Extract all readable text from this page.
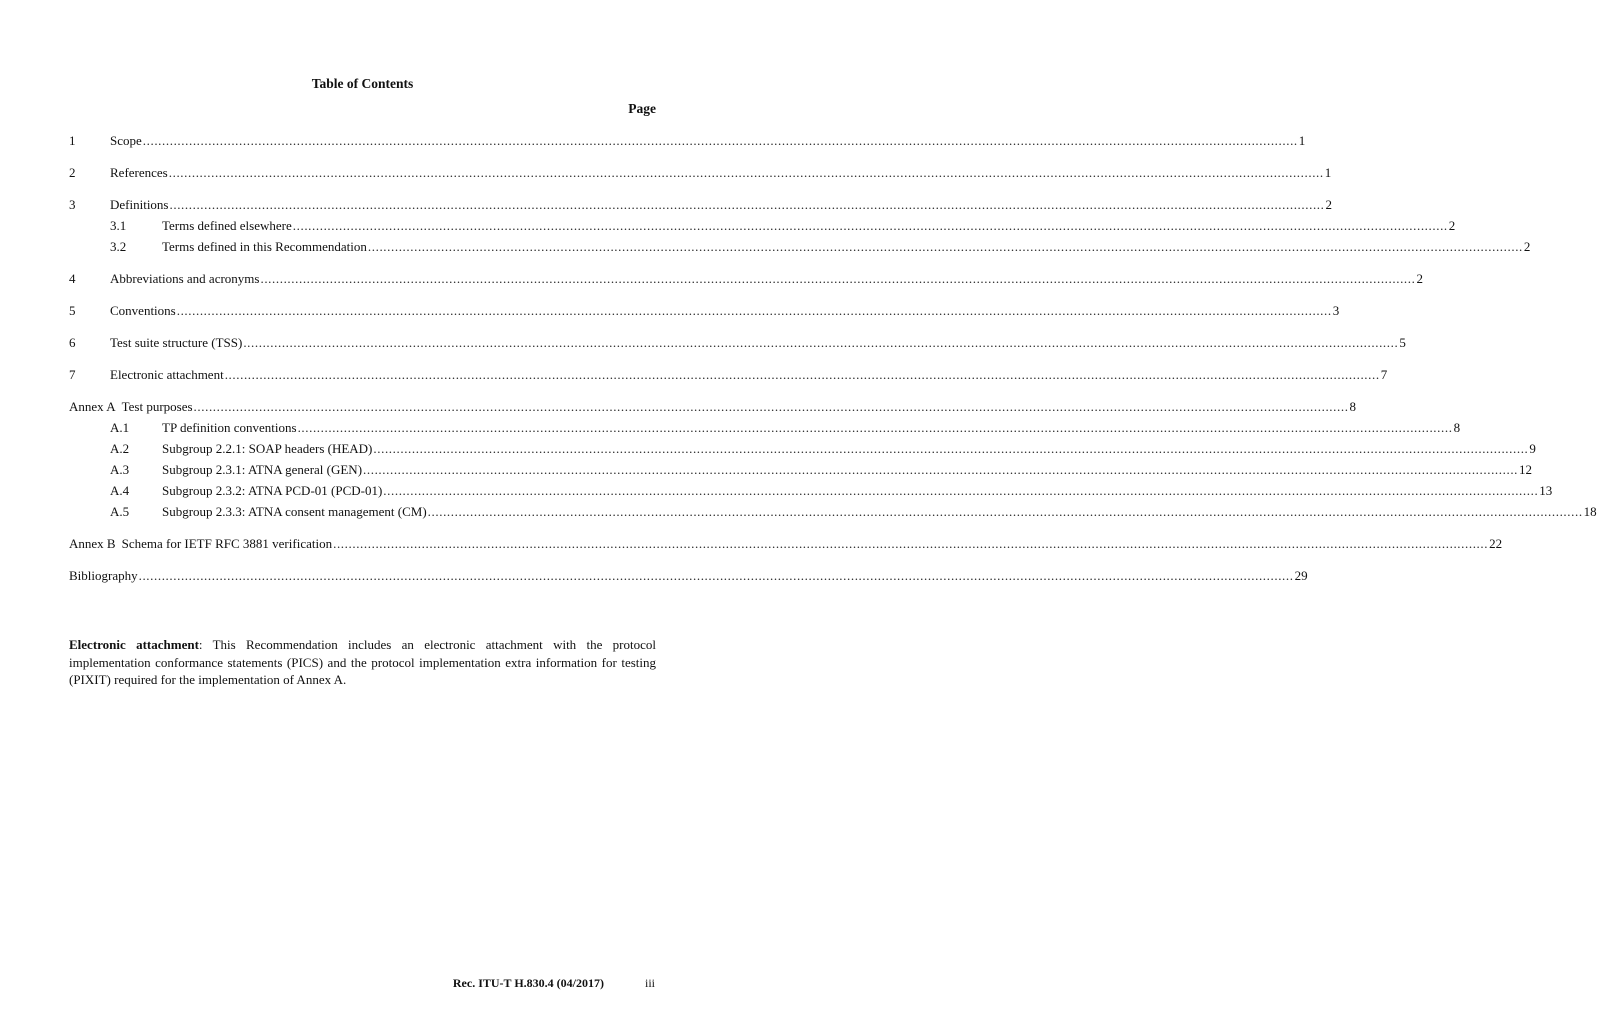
Table of Contents
Page
1	Scope ............................................................................................................................................................................................................................................................................................................ 1
2	References ............................................................................................................................................................................................................................................................................................................ 1
3	Definitions ............................................................................................................................................................................................................................................................................................................ 2
3.1	Terms defined elsewhere ............................................................................................................................................................................................................................................................................................................ 2
3.2	Terms defined in this Recommendation ............................................................................................................................................................................................................................................................................................................ 2
4	Abbreviations and acronyms ............................................................................................................................................................................................................................................................................................................ 2
5	Conventions ............................................................................................................................................................................................................................................................................................................ 3
6	Test suite structure (TSS) ............................................................................................................................................................................................................................................................................................................ 5
7	Electronic attachment ............................................................................................................................................................................................................................................................................................................ 7
Annex A Test purposes ............................................................................................................................................................................................................................................................................................................ 8
A.1	TP definition conventions ............................................................................................................................................................................................................................................................................................................ 8
A.2	Subgroup 2.2.1: SOAP headers (HEAD) ............................................................................................................................................................................................................................................................................................................ 9
A.3	Subgroup 2.3.1: ATNA general (GEN) ............................................................................................................................................................................................................................................................................................................ 12
A.4	Subgroup 2.3.2: ATNA PCD-01 (PCD-01) ............................................................................................................................................................................................................................................................................................................ 13
A.5	Subgroup 2.3.3: ATNA consent management (CM) ............................................................................................................................................................................................................................................................................................................ 18
Annex B Schema for IETF RFC 3881 verification ............................................................................................................................................................................................................................................................................................................ 22
Bibliography ............................................................................................................................................................................................................................................................................................................ 29
Electronic attachment: This Recommendation includes an electronic attachment with the protocol implementation conformance statements (PICS) and the protocol implementation extra information for testing (PIXIT) required for the implementation of Annex A.
Rec. ITU-T H.830.4 (04/2017)	iii
